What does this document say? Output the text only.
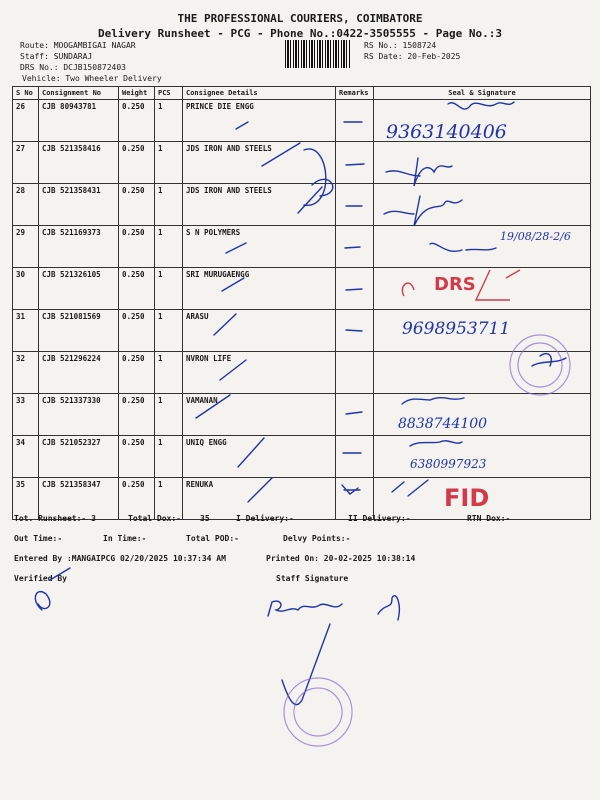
THE PROFESSIONAL COURIERS, COIMBATORE
Delivery Runsheet - PCG - Phone No.:0422-3505555 - Page No.:3
Route: MOOGAMBIGAI NAGAR
Staff: SUNDARAJ
DRS No.: DCJB150872403
Vehicle: Two Wheeler Delivery
RS No.: 1508724
RS Date: 20-Feb-2025
S No	Consignment No	Weight	PCS	Consignee Details	Remarks	Seal & Signature
26	CJB 80943781	0.250	1	PRINCE DIE ENGG		
27	CJB 521358416	0.250	1	JDS IRON AND STEELS		
28	CJB 521358431	0.250	1	JDS IRON AND STEELS		
29	CJB 521169373	0.250	1	S N POLYMERS		
30	CJB 521326105	0.250	1	SRI MURUGAENGG		
31	CJB 521081569	0.250	1	ARASU		
32	CJB 521296224	0.250	1	NVRON LIFE		
33	CJB 521337330	0.250	1	VAMANAN		
34	CJB 521052327	0.250	1	UNIQ ENGG		
35	CJB 521358347	0.250	1	RENUKA		
Tot. Runsheet:- 3	Total Dox:- 35	I Delivery:-	II Delivery:-	RTN Dox:-
Out Time:-	In Time:-	Total POD:-	Delvy Points:-
Entered By :MANGAIPCG 02/20/2025 10:37:34 AM	Printed On: 20-02-2025 10:38:14
Verified By	Staff Signature
9363140406
9698953711
8838744100
6380997923
19/08/28-2/6
DRS
FID
